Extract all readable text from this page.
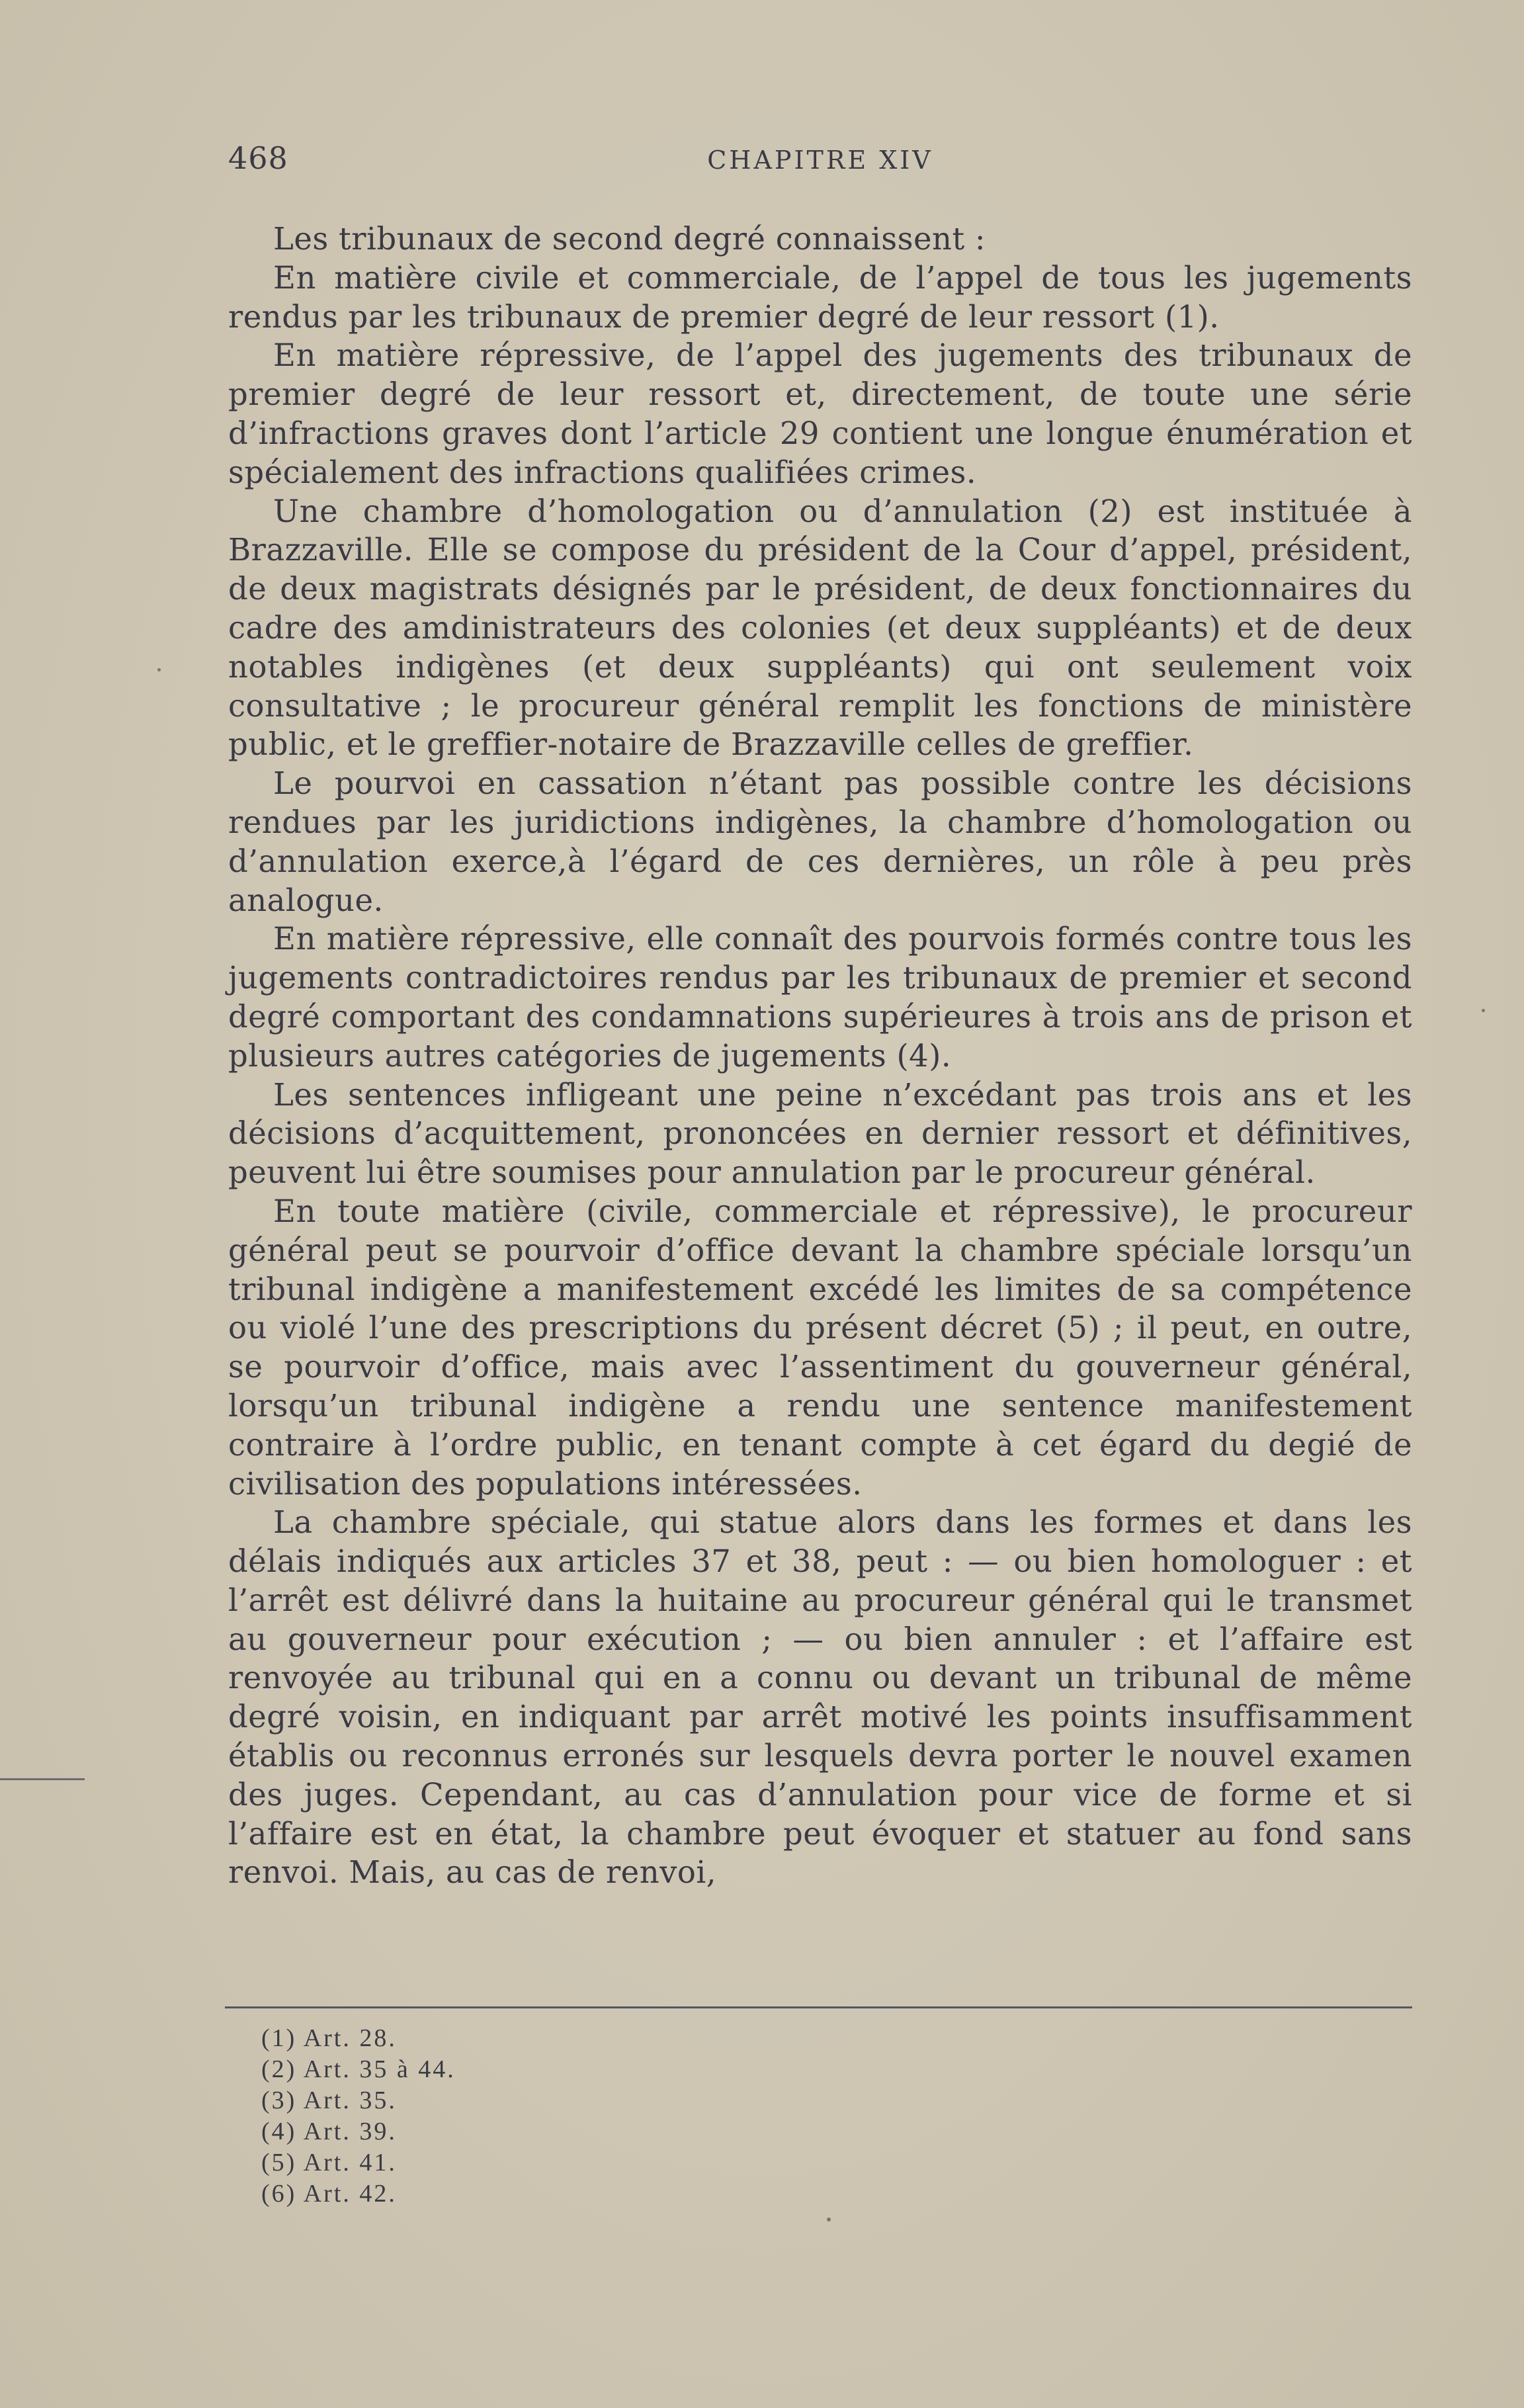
468	CHAPITRE XIV

Les tribunaux de second degré connaissent :

En matière civile et commerciale, de l’appel de tous les jugements rendus par les tribunaux de premier degré de leur ressort (1).

En matière répressive, de l’appel des jugements des tribunaux de premier degré de leur ressort et, directement, de toute une série d’infractions graves dont l’article 29 contient une longue énumération et spécialement des infractions qualifiées crimes.

Une chambre d’homologation ou d’annulation (2) est instituée à Brazzaville. Elle se compose du président de la Cour d’appel, président, de deux magistrats désignés par le président, de deux fonctionnaires du cadre des amdinistrateurs des colonies (et deux suppléants) et de deux notables indigènes (et deux suppléants) qui ont seulement voix consultative ; le procureur général remplit les fonctions de ministère public, et le greffier-notaire de Brazzaville celles de greffier.

Le pourvoi en cassation n’étant pas possible contre les décisions rendues par les juridictions indigènes, la chambre d’homologation ou d’annulation exerce,à l’égard de ces dernières, un rôle à peu près analogue.

En matière répressive, elle connaît des pourvois formés contre tous les jugements contradictoires rendus par les tribunaux de premier et second degré comportant des condamnations supérieures à trois ans de prison et plusieurs autres catégories de jugements (4).

Les sentences infligeant une peine n’excédant pas trois ans et les décisions d’acquittement, prononcées en dernier ressort et définitives, peuvent lui être soumises pour annulation par le procureur général.

En toute matière (civile, commerciale et répressive), le procureur général peut se pourvoir d’office devant la chambre spéciale lorsqu’un tribunal indigène a manifestement excédé les limites de sa compétence ou violé l’une des prescriptions du présent décret (5) ; il peut, en outre, se pourvoir d’office, mais avec l’assentiment du gouverneur général, lorsqu’un tribunal indigène a rendu une sentence manifestement contraire à l’ordre public, en tenant compte à cet égard du degié de civilisation des populations intéressées.

La chambre spéciale, qui statue alors dans les formes et dans les délais indiqués aux articles 37 et 38, peut : — ou bien homologuer : et l’arrêt est délivré dans la huitaine au procureur général qui le transmet au gouverneur pour exécution ; — ou bien annuler : et l’affaire est renvoyée au tribunal qui en a connu ou devant un tribunal de même degré voisin, en indiquant par arrêt motivé les points insuffisamment établis ou reconnus erronés sur lesquels devra porter le nouvel examen des juges. Cependant, au cas d’annulation pour vice de forme et si l’affaire est en état, la chambre peut évoquer et statuer au fond sans renvoi. Mais, au cas de renvoi,

(1) Art. 28.
(2) Art. 35 à 44.
(3) Art. 35.
(4) Art. 39.
(5) Art. 41.
(6) Art. 42.
